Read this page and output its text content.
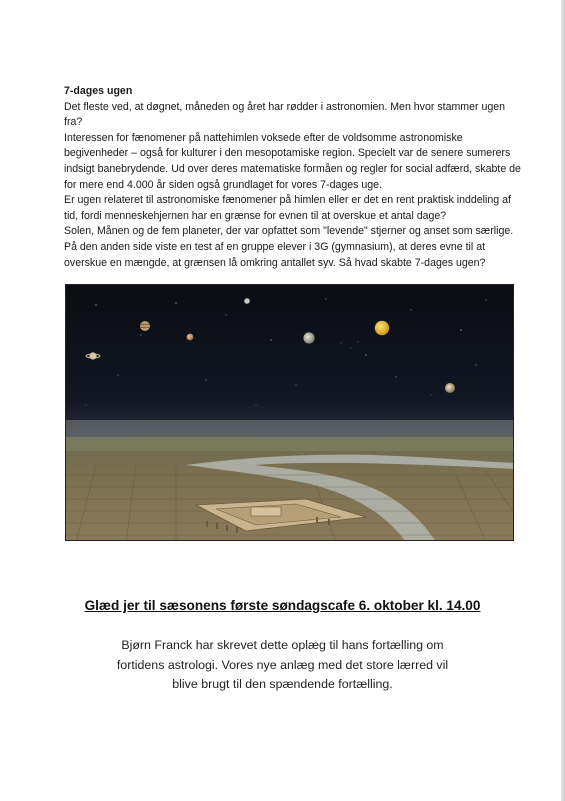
7-dages ugen

Det fleste ved, at døgnet, måneden og året har rødder i astronomien. Men hvor stammer ugen fra?

Interessen for fænomener på nattehimlen voksede efter de voldsomme astronomiske begivenheder – også for kulturer i den mesopotamiske region. Specielt var de senere sumerers indsigt banebrydende. Ud over deres matematiske formåen og regler for social adfærd, skabte de for mere end 4.000 år siden også grundlaget for vores 7-dages uge.

Er ugen relateret til astronomiske fænomener på himlen eller er det en rent praktisk inddeling af tid, fordi menneskehjernen har en grænse for evnen til at overskue et antal dage?

Solen, Månen og de fem planeter, der var opfattet som "levende" stjerner og anset som særlige.

På den anden side viste en test af en gruppe elever i 3G (gymnasium), at deres evne til at overskue en mængde, at grænsen lå omkring antallet syv. Så hvad skabte 7-dages ugen?

Glæd jer til sæsonens første søndagscafe 6. oktober kl. 14.00
Bjørn Franck har skrevet dette oplæg til hans fortælling om fortidens astrologi. Vores nye anlæg med det store lærred vil blive brugt til den spændende fortælling.
